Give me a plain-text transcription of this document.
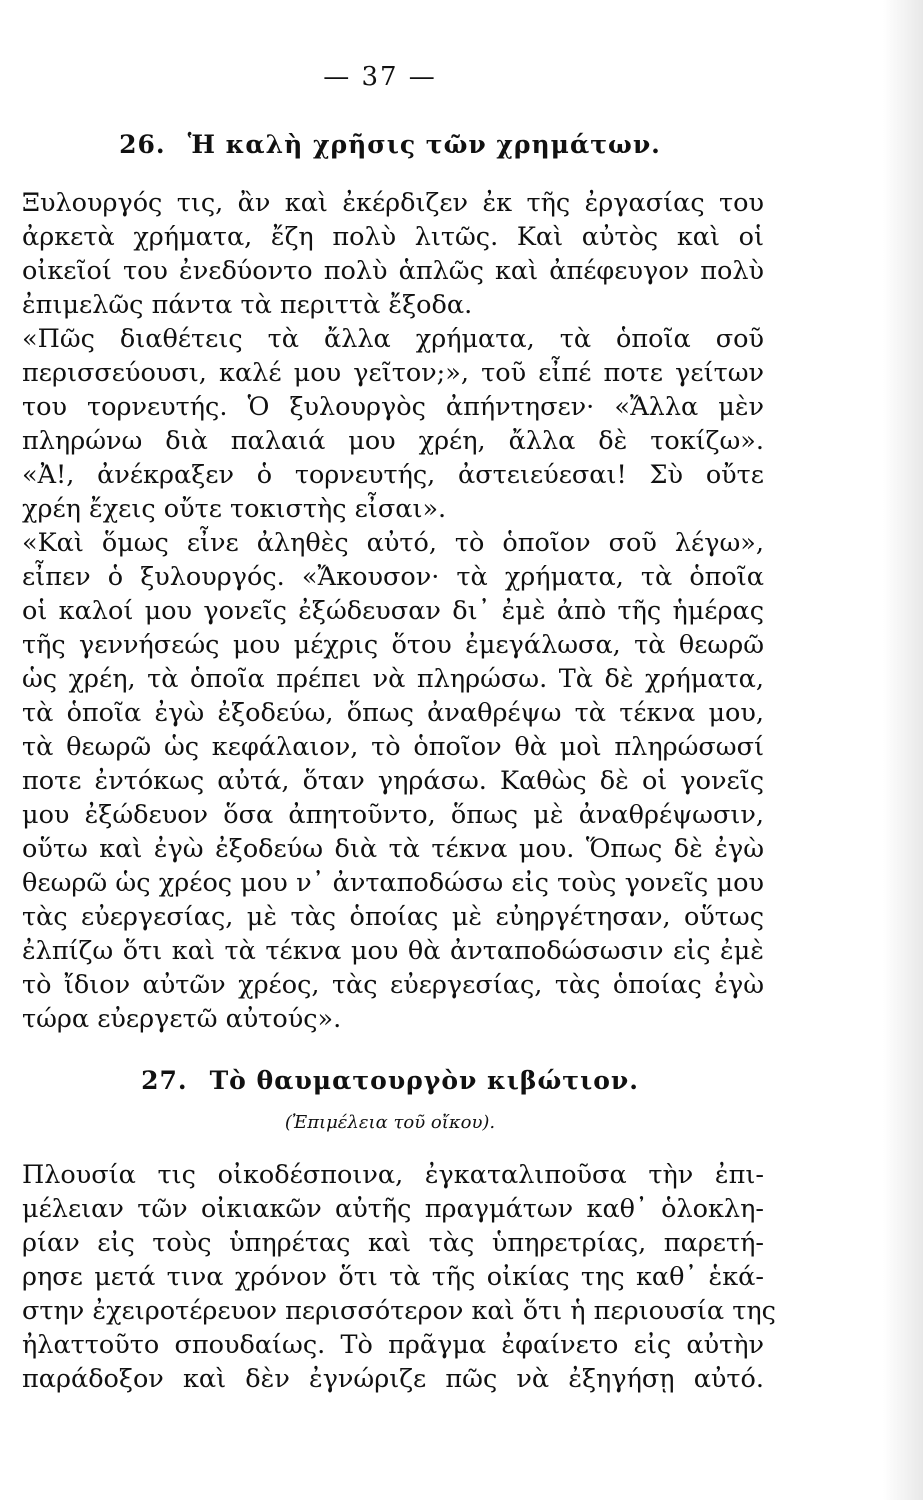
— 37 —
26. Ἡ καλὴ χρῆσις τῶν χρημάτων.
Ξυλουργός τις, ἂν καὶ ἐκέρδιζεν ἐκ τῆς ἐργασίας του
ἀρκετὰ χρήματα, ἔζη πολὺ λιτῶς. Καὶ αὐτὸς καὶ οἱ
οἰκεῖοί του ἐνεδύοντο πολὺ ἁπλῶς καὶ ἀπέφευγον πολὺ
ἐπιμελῶς πάντα τὰ περιττὰ ἔξοδα.
«Πῶς διαθέτεις τὰ ἄλλα χρήματα, τὰ ὁποῖα σοῦ
περισσεύουσι, καλέ μου γεῖτον;», τοῦ εἶπέ ποτε γείτων
του τορνευτής. Ὁ ξυλουργὸς ἀπήντησεν· «Ἄλλα μὲν
πληρώνω διὰ παλαιά μου χρέη, ἄλλα δὲ τοκίζω».
«Ἀ!, ἀνέκραξεν ὁ τορνευτής, ἀστειεύεσαι! Σὺ οὔτε
χρέη ἔχεις οὔτε τοκιστὴς εἶσαι».
«Καὶ ὅμως εἶνε ἀληθὲς αὐτό, τὸ ὁποῖον σοῦ λέγω»,
εἶπεν ὁ ξυλουργός. «Ἄκουσον· τὰ χρήματα, τὰ ὁποῖα
οἱ καλοί μου γονεῖς ἐξώδευσαν δι᾽ ἐμὲ ἀπὸ τῆς ἡμέρας
τῆς γεννήσεώς μου μέχρις ὅτου ἐμεγάλωσα, τὰ θεωρῶ
ὡς χρέη, τὰ ὁποῖα πρέπει νὰ πληρώσω. Τὰ δὲ χρήματα,
τὰ ὁποῖα ἐγὼ ἐξοδεύω, ὅπως ἀναθρέψω τὰ τέκνα μου,
τὰ θεωρῶ ὡς κεφάλαιον, τὸ ὁποῖον θὰ μοὶ πληρώσωσί
ποτε ἐντόκως αὐτά, ὅταν γηράσω. Καθὼς δὲ οἱ γονεῖς
μου ἐξώδευον ὅσα ἀπητοῦντο, ὅπως μὲ ἀναθρέψωσιν,
οὕτω καὶ ἐγὼ ἐξοδεύω διὰ τὰ τέκνα μου. Ὅπως δὲ ἐγὼ
θεωρῶ ὡς χρέος μου ν᾽ ἀνταποδώσω εἰς τοὺς γονεῖς μου
τὰς εὐεργεσίας, μὲ τὰς ὁποίας μὲ εὐηργέτησαν, οὕτως
ἐλπίζω ὅτι καὶ τὰ τέκνα μου θὰ ἀνταποδώσωσιν εἰς ἐμὲ
τὸ ἴδιον αὐτῶν χρέος, τὰς εὐεργεσίας, τὰς ὁποίας ἐγὼ
τώρα εὐεργετῶ αὐτούς».
27. Τὸ θαυματουργὸν κιβώτιον.
(Ἐπιμέλεια τοῦ οἴκου).
Πλουσία τις οἰκοδέσποινα, ἐγκαταλιποῦσα τὴν ἐπι-
μέλειαν τῶν οἰκιακῶν αὐτῆς πραγμάτων καθ᾽ ὁλοκλη-
ρίαν εἰς τοὺς ὑπηρέτας καὶ τὰς ὑπηρετρίας, παρετή-
ρησε μετά τινα χρόνον ὅτι τὰ τῆς οἰκίας της καθ᾽ ἑκά-
στην ἐχειροτέρευον περισσότερον καὶ ὅτι ἡ περιουσία της
ἠλαττοῦτο σπουδαίως. Τὸ πρᾶγμα ἐφαίνετο εἰς αὐτὴν
παράδοξον καὶ δὲν ἐγνώριζε πῶς νὰ ἐξηγήσῃ αὐτό.
